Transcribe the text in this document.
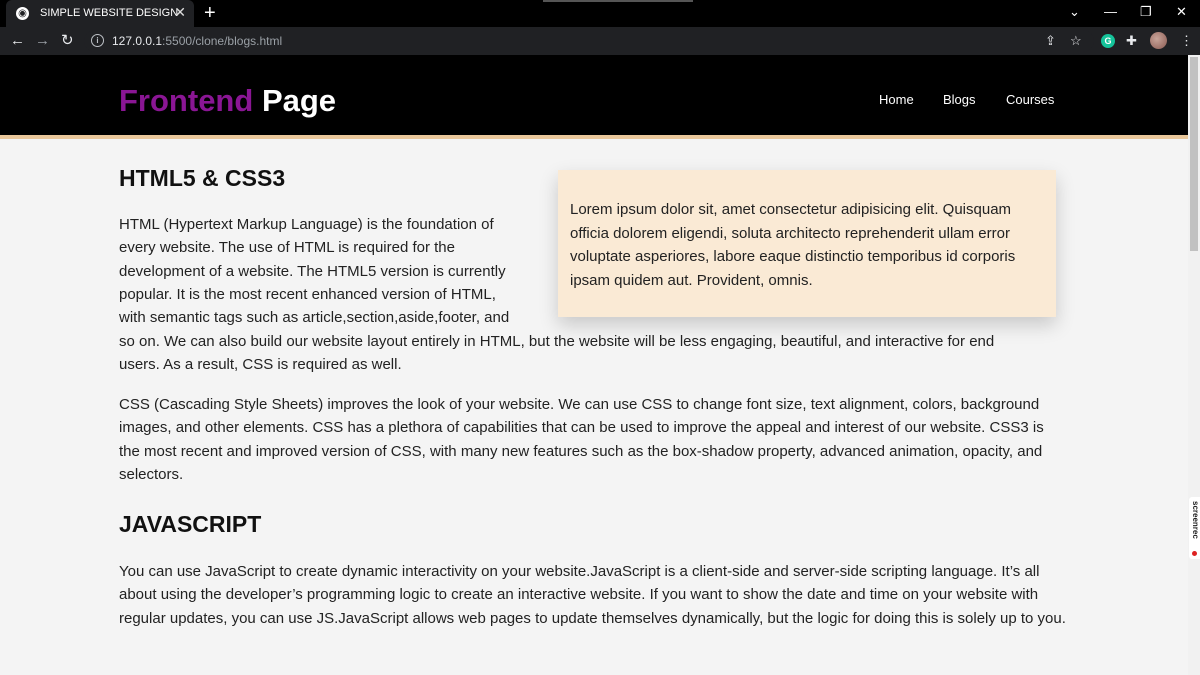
◉ SIMPLE WEBSITE DESIGN
✕ +	⌄ — ❐ ✕
← → ↻	i	127.0.0.1:5500/clone/blogs.html	⇪ ☆	G ✚	⋮
Frontend Page	Home Blogs Courses
HTML5 & CSS3

Lorem ipsum dolor sit, amet consectetur adipisicing elit. Quisquam officia dolorem eligendi, soluta architecto reprehenderit ullam error voluptate asperiores, labore eaque distinctio temporibus id corporis ipsam quidem aut. Provident, omnis.

HTML (Hypertext Markup Language) is the foundation of
every website. The use of HTML is required for the
development of a website. The HTML5 version is currently
popular. It is the most recent enhanced version of HTML,
with semantic tags such as article,section,aside,footer, and
so on. We can also build our website layout entirely in HTML, but the website will be less engaging, beautiful, and interactive for end
users. As a result, CSS is required as well.

CSS (Cascading Style Sheets) improves the look of your website. We can use CSS to change font size, text alignment, colors, background images, and other elements. CSS has a plethora of capabilities that can be used to improve the appeal and interest of our website. CSS3 is the most recent and improved version of CSS, with many new features such as the box-shadow property, advanced animation, opacity, and selectors.

JAVASCRIPT

You can use JavaScript to create dynamic interactivity on your website.JavaScript is a client-side and server-side scripting language. It’s all about using the developer’s programming logic to create an interactive website. If you want to show the date and time on your website with regular updates, you can use JS.JavaScript allows web pages to update themselves dynamically, but the logic for doing this is solely up to you.

screenrec
